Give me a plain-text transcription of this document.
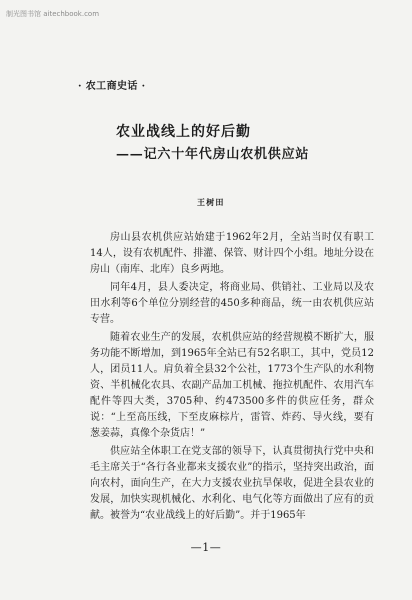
制光图书馆 aitechbook.com
· 农工商史话 ·
农业战线上的好后勤
——记六十年代房山农机供应站
王树田

房山县农机供应站始建于1962年2月，全站当时仅有职工14人，设有农机配件、排灌、保管、财计四个小组。地址分设在房山（南库、北库）良乡两地。

同年4月，县人委决定，将商业局、供销社、工业局以及农田水利等6个单位分别经营的450多种商品，统一由农机供应站专营。

随着农业生产的发展，农机供应站的经营规模不断扩大，服务功能不断增加，到1965年全站已有52名职工，其中，党员12人，团员11人。肩负着全县32个公社，1773个生产队的水利物资、半机械化农具、农副产品加工机械、拖拉机配件、农用汽车配件等四大类，3705种、约473500多件的供应任务，群众说：“上至高压线，下至皮麻棕片，雷管、炸药、导火线，要有葱姜蒜，真像个杂货店！”

供应站全体职工在党支部的领导下，认真贯彻执行党中央和毛主席关于“各行各业都来支援农业”的指示，坚持突出政治，面向农村，面向生产，在大力支援农业抗旱保收，促进全县农业的发展，加快实现机械化、水利化、电气化等方面做出了应有的贡献。被誉为“农业战线上的好后勤”。并于1965年

—1—
